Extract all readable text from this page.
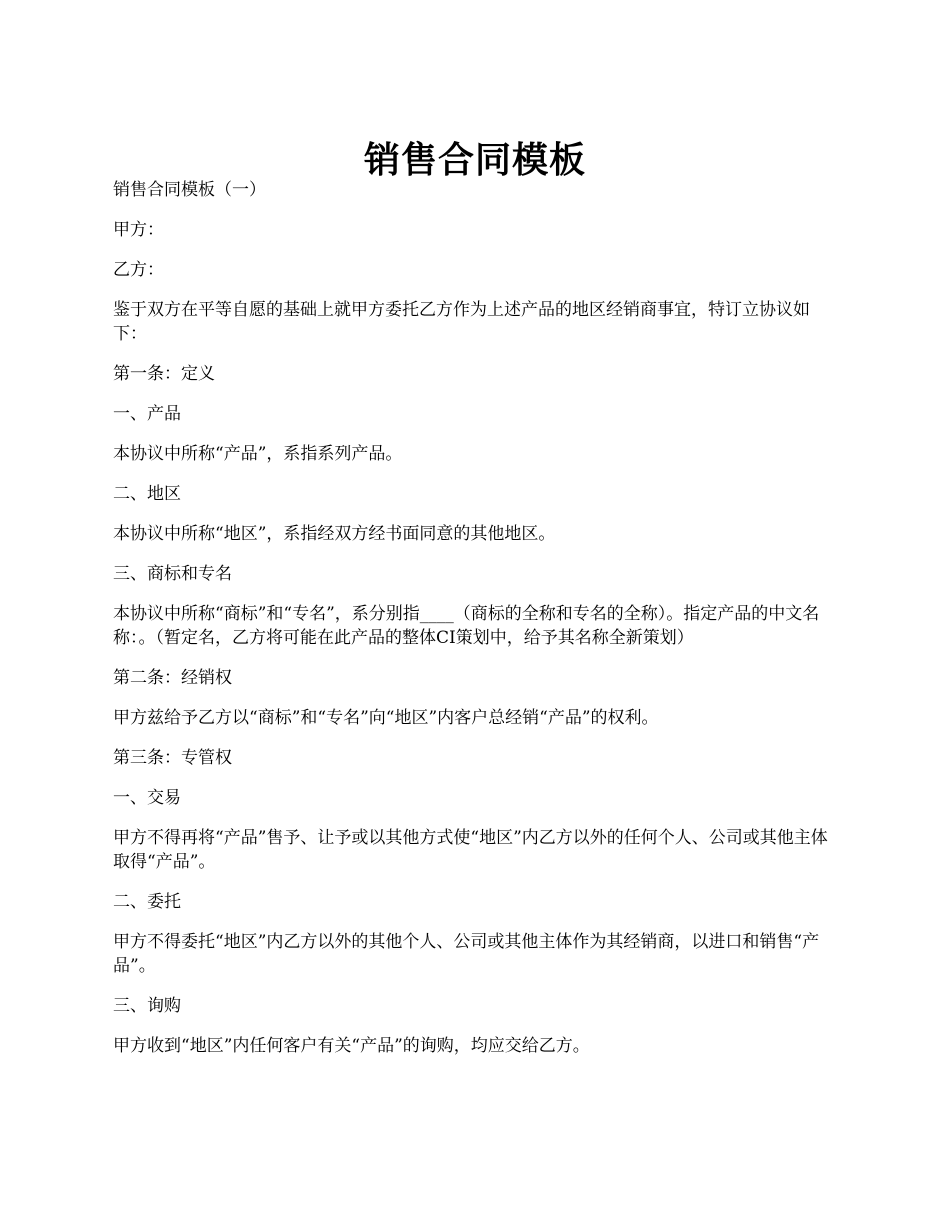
销售合同模板

销售合同模板（一）

甲方：

乙方：

鉴于双方在平等自愿的基础上就甲方委托乙方作为上述产品的地区经销商事宜，特订立协议如下：

第一条：定义

一、产品

本协议中所称“产品”，系指系列产品。

二、地区

本协议中所称“地区”，系指经双方经书面同意的其他地区。

三、商标和专名

本协议中所称“商标”和“专名”，系分别指____（商标的全称和专名的全称）。指定产品的中文名称：。（暂定名，乙方将可能在此产品的整体CI策划中，给予其名称全新策划）

第二条：经销权

甲方兹给予乙方以“商标”和“专名”向“地区”内客户总经销“产品”的权利。

第三条：专管权

一、交易

甲方不得再将“产品”售予、让予或以其他方式使“地区”内乙方以外的任何个人、公司或其他主体取得“产品”。

二、委托

甲方不得委托“地区”内乙方以外的其他个人、公司或其他主体作为其经销商，以进口和销售“产品”。

三、询购

甲方收到“地区”内任何客户有关“产品”的询购，均应交给乙方。
